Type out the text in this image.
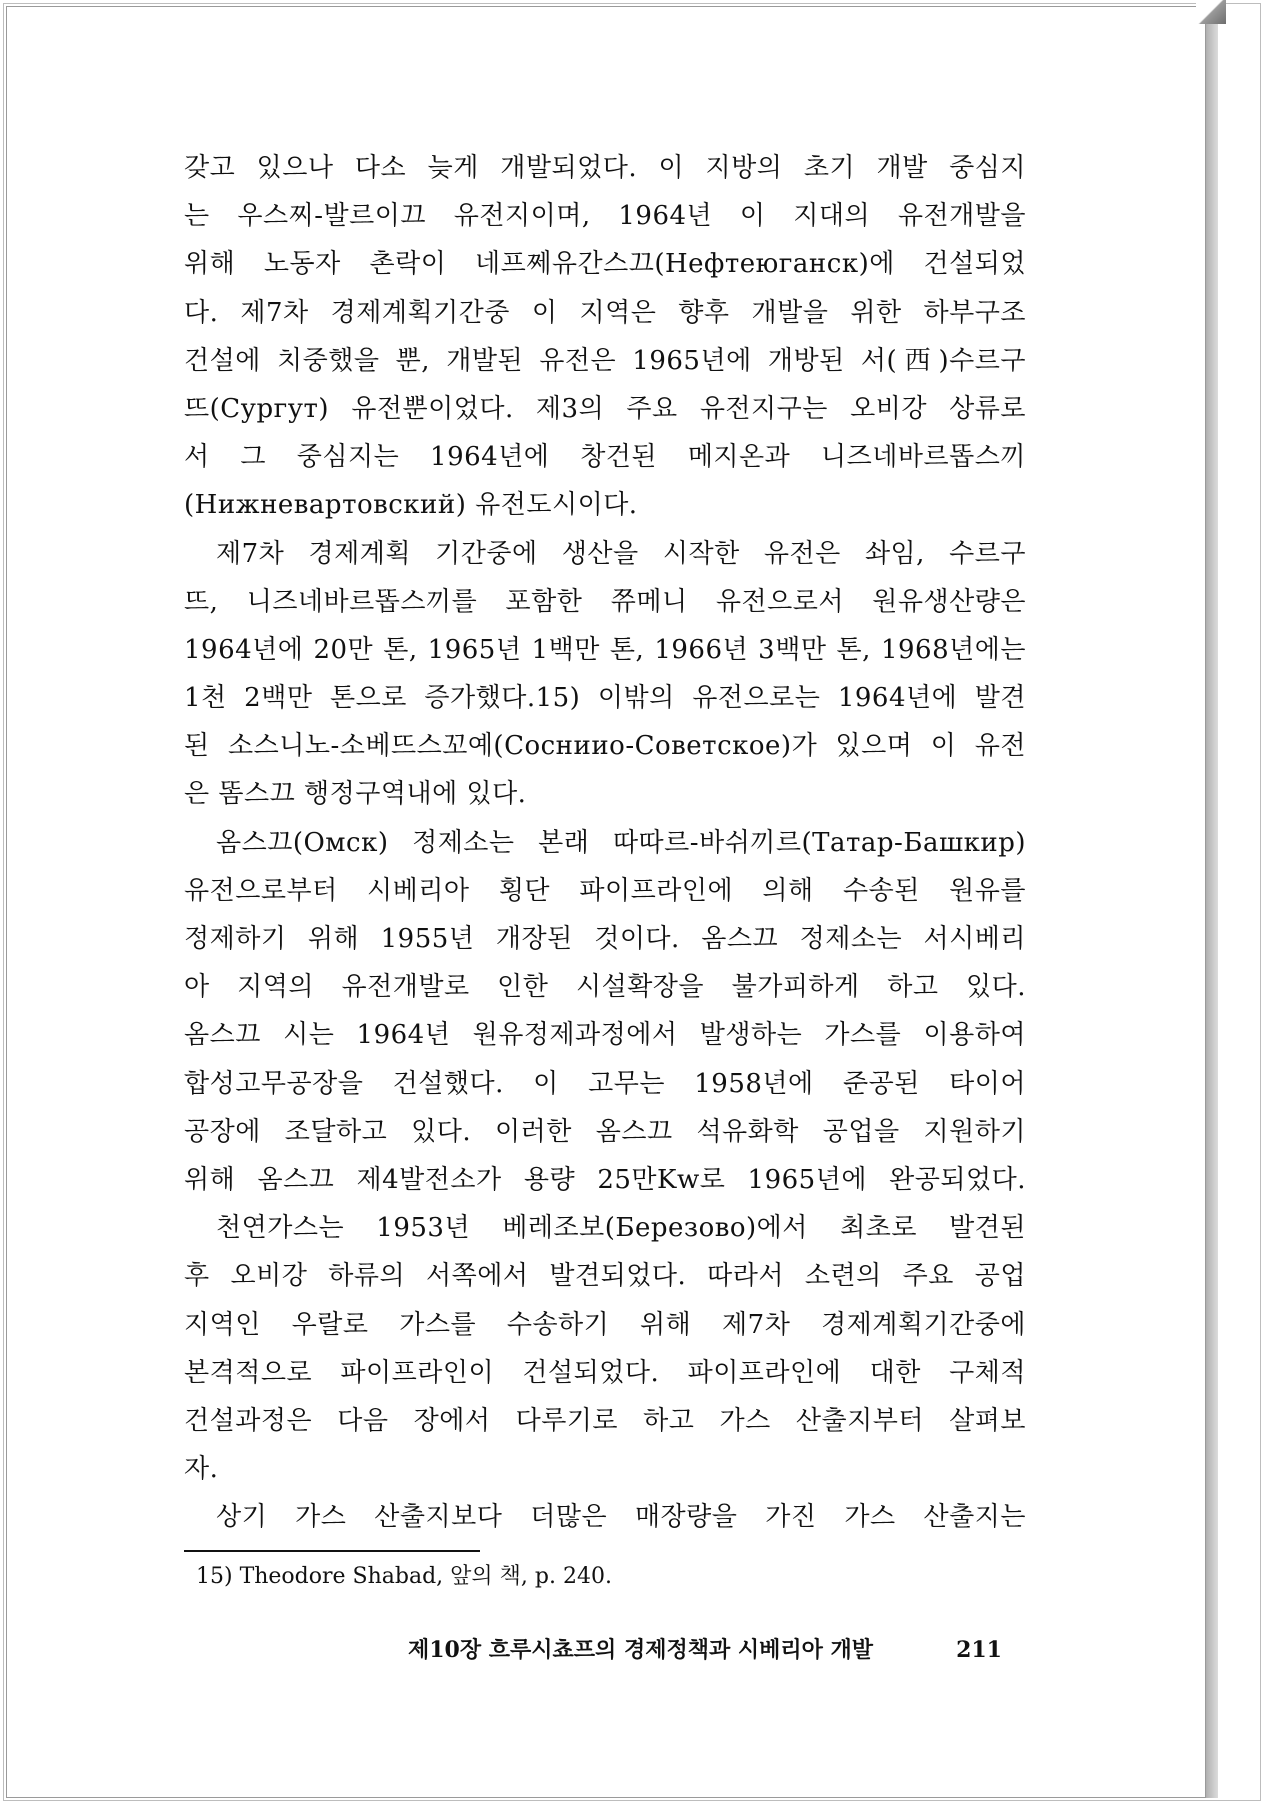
갖고 있으나 다소 늦게 개발되었다. 이 지방의 초기 개발 중심지
는 우스찌-발르이끄 유전지이며, 1964년 이 지대의 유전개발을
위해 노동자 촌락이 네프쩨유간스끄(Нефтеюганск)에 건설되었
다. 제7차 경제계획기간중 이 지역은 향후 개발을 위한 하부구조
건설에 치중했을 뿐, 개발된 유전은 1965년에 개방된 서(西)수르구
뜨(Сургут) 유전뿐이었다. 제3의 주요 유전지구는 오비강 상류로
서 그 중심지는 1964년에 창건된 메지온과 니즈네바르똡스끼
(Нижневартовский) 유전도시이다.
제7차 경제계획 기간중에 생산을 시작한 유전은 솨임, 수르구
뜨, 니즈네바르똡스끼를 포함한 쮸메니 유전으로서 원유생산량은
1964년에 20만 톤, 1965년 1백만 톤, 1966년 3백만 톤, 1968년에는
1천 2백만 톤으로 증가했다.15) 이밖의 유전으로는 1964년에 발견
된 소스니노-소베뜨스꼬예(Сосниио-Советское)가 있으며 이 유전
은 똠스끄 행정구역내에 있다.
옴스끄(Омск) 정제소는 본래 따따르-바쉬끼르(Татар-Башкир)
유전으로부터 시베리아 횡단 파이프라인에 의해 수송된 원유를
정제하기 위해 1955년 개장된 것이다. 옴스끄 정제소는 서시베리
아 지역의 유전개발로 인한 시설확장을 불가피하게 하고 있다.
옴스끄 시는 1964년 원유정제과정에서 발생하는 가스를 이용하여
합성고무공장을 건설했다. 이 고무는 1958년에 준공된 타이어
공장에 조달하고 있다. 이러한 옴스끄 석유화학 공업을 지원하기
위해 옴스끄 제4발전소가 용량 25만Kw로 1965년에 완공되었다.
천연가스는 1953년 베레조보(Березово)에서 최초로 발견된
후 오비강 하류의 서쪽에서 발견되었다. 따라서 소련의 주요 공업
지역인 우랄로 가스를 수송하기 위해 제7차 경제계획기간중에
본격적으로 파이프라인이 건설되었다. 파이프라인에 대한 구체적
건설과정은 다음 장에서 다루기로 하고 가스 산출지부터 살펴보
자.
상기 가스 산출지보다 더많은 매장량을 가진 가스 산출지는
15) Theodore Shabad, 앞의 책, p. 240.
제10장 흐루시쵸프의 경제정책과 시베리아 개발	211
